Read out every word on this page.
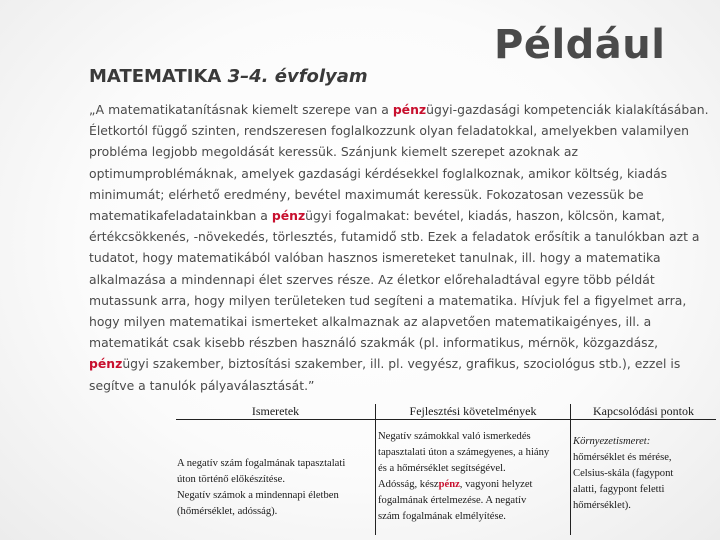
Például
MATEMATIKA 3–4. évfolyam
„A matematikatanításnak kiemelt szerepe van a pénzügyi-gazdasági kompetenciák kialakításában.
Életkortól függő szinten, rendszeresen foglalkozzunk olyan feladatokkal, amelyekben valamilyen
probléma legjobb megoldását keressük. Szánjunk kiemelt szerepet azoknak az
optimumproblémáknak, amelyek gazdasági kérdésekkel foglalkoznak, amikor költség, kiadás
minimumát; elérhető eredmény, bevétel maximumát keressük. Fokozatosan vezessük be
matematikafeladatainkban a pénzügyi fogalmakat: bevétel, kiadás, haszon, kölcsön, kamat,
értékcsökkenés, -növekedés, törlesztés, futamidő stb. Ezek a feladatok erősítik a tanulókban azt a
tudatot, hogy matematikából valóban hasznos ismereteket tanulnak, ill. hogy a matematika
alkalmazása a mindennapi élet szerves része. Az életkor előrehaladtával egyre több példát
mutassunk arra, hogy milyen területeken tud segíteni a matematika. Hívjuk fel a figyelmet arra,
hogy milyen matematikai ismerteket alkalmaznak az alapvetően matematikaigényes, ill. a
matematikát csak kisebb részben használó szakmák (pl. informatikus, mérnök, közgazdász,
pénzügyi szakember, biztosítási szakember, ill. pl. vegyész, grafikus, szociológus stb.), ezzel is
segítve a tanulók pályaválasztását.”
Ismeretek
A negatív szám fogalmának tapasztalati
úton történő előkészítése.
Negatív számok a mindennapi életben
(hőmérséklet, adósság).
Fejlesztési követelmények
Negatív számokkal való ismerkedés
tapasztalati úton a számegyenes, a hiány
és a hőmérséklet segítségével.
Adósság, készpénz, vagyoni helyzet
fogalmának értelmezése. A negatív
szám fogalmának elmélyítése.
Kapcsolódási pontok
Környezetismeret:
hőmérséklet és mérése,
Celsius-skála (fagypont
alatti, fagypont feletti
hőmérséklet).
